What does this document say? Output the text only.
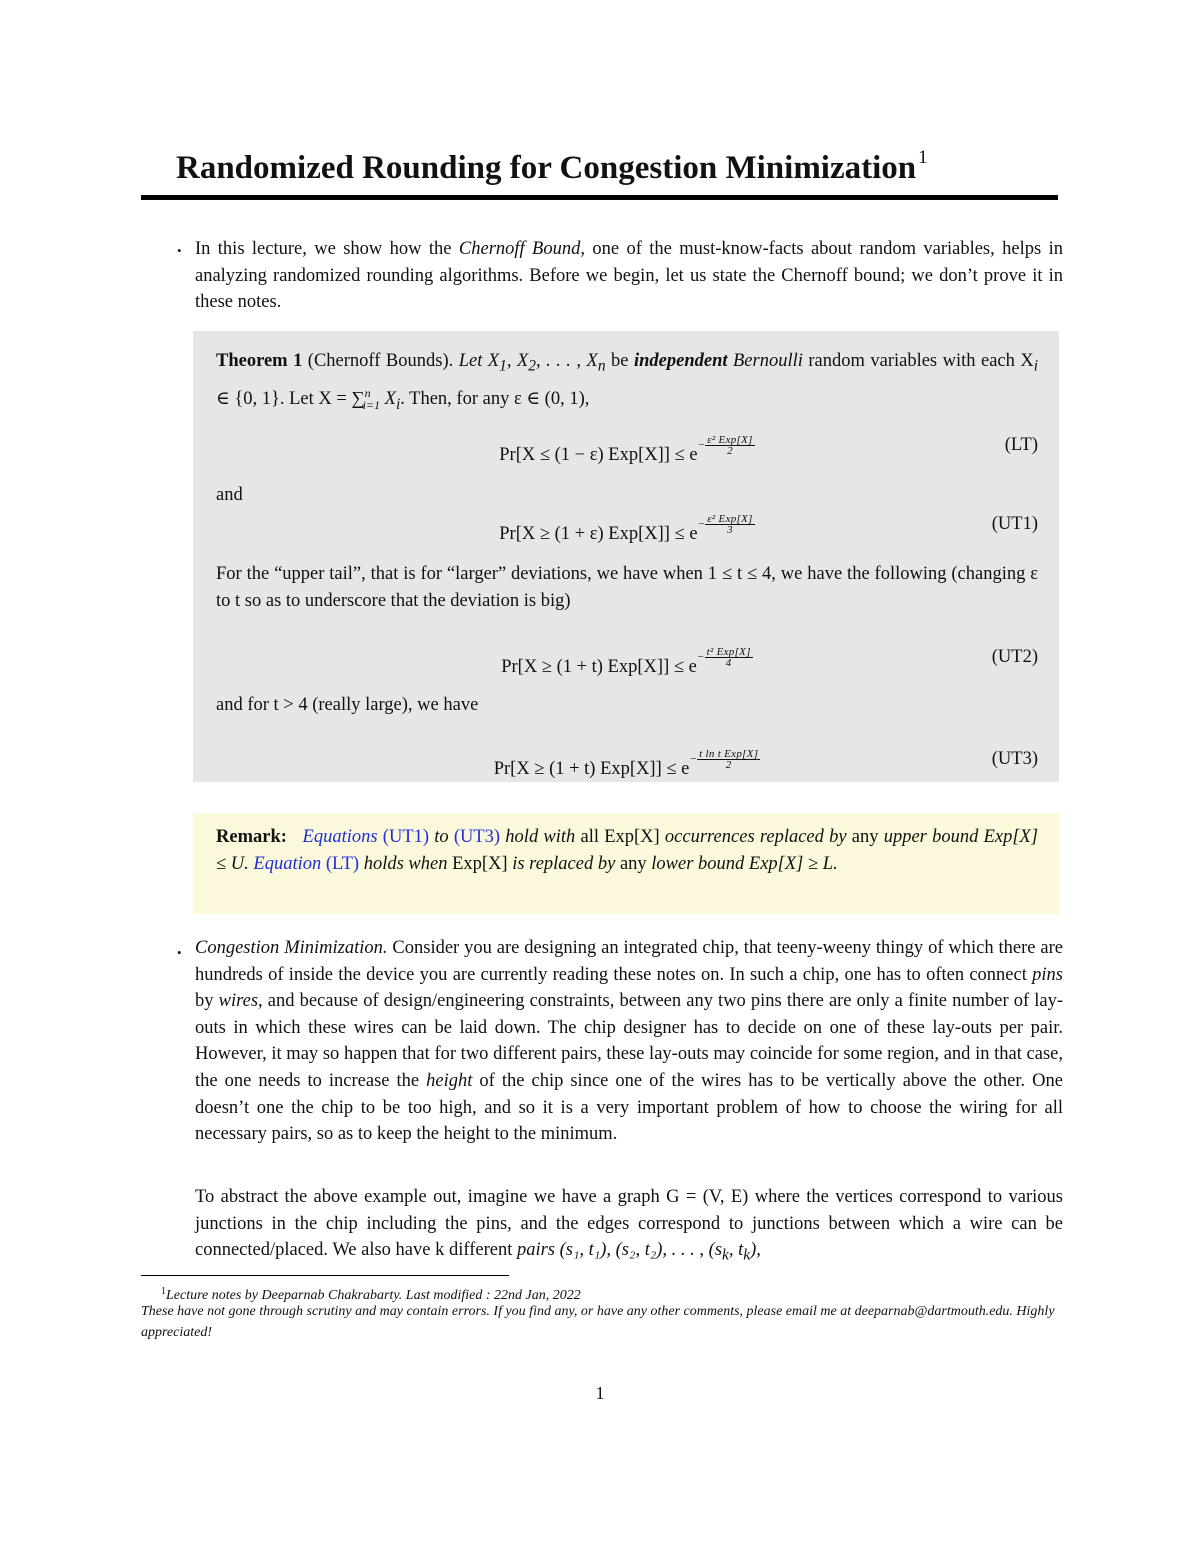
Randomized Rounding for Congestion Minimization $^1$
• In this lecture, we show how the Chernoff Bound, one of the must-know-facts about random variables, helps in analyzing randomized rounding algorithms. Before we begin, let us state the Chernoff bound; we don’t prove it in these notes.

Theorem 1 (Chernoff Bounds). Let $X_1$, $X_2$, . . . , $X_n$ be independent Bernoulli random variables with each $X_i$ ∈ {0, 1}. Let X = ∑$^n_{i=1}$ $X_i$. Then, for any ε ∈ (0, 1),

Pr[X ≤ (1 − ε) $Exp[X]] \le e^{- \frac{\text{ε² Exp[X]}}{2}}$	(LT)

and

Pr[X ≥ (1 + ε) $Exp[X]] \le e^{- \frac{\text{ε² Exp[X]}}{3}}$	(UT1)

For the “upper tail”, that is for “larger” deviations, we have when 1 ≤ t ≤ 4, we have the following (changing ε to t so as to underscore that the deviation is big)

Pr[X ≥ (1 + t) $Exp[X]] \le e^{- \frac{\text{t² Exp[X]}}{4}}$	(UT2)

and for t > 4 (really large), we have

Pr[X ≥ (1 + t) $Exp[X]] \le e^{- \frac{\text{t ln t Exp[X]}}{2}}$	(UT3)

Remark: Equations (UT1) to (UT3) hold with all Exp[X] occurrences replaced by any upper bound Exp[X] ≤ U. Equation (LT) holds when Exp[X] is replaced by any lower bound Exp[X] ≥ L.

• Congestion Minimization. Consider you are designing an integrated chip, that teeny-weeny thingy of which there are hundreds of inside the device you are currently reading these notes on. In such a chip, one has to often connect pins by wires, and because of design/engineering constraints, between any two pins there are only a finite number of lay-outs in which these wires can be laid down. The chip designer has to decide on one of these lay-outs per pair. However, it may so happen that for two different pairs, these lay-outs may coincide for some region, and in that case, the one needs to increase the height of the chip since one of the wires has to be vertically above the other. One doesn’t one the chip to be too high, and so it is a very important problem of how to choose the wiring for all necessary pairs, so as to keep the height to the minimum.

To abstract the above example out, imagine we have a graph G = (V, E) where the vertices correspond to various junctions in the chip including the pins, and the edges correspond to junctions between which a wire can be connected/placed. We also have k different pairs (s₁, t₁), (s₂, t₂), . . . , ($s_k$, $t_k$),

$^1$Lecture notes by Deeparnab Chakrabarty. Last modified : 22nd Jan, 2022

These have not gone through scrutiny and may contain errors. If you find any, or have any other comments, please email me at deeparnab@dartmouth.edu. Highly appreciated!

1
